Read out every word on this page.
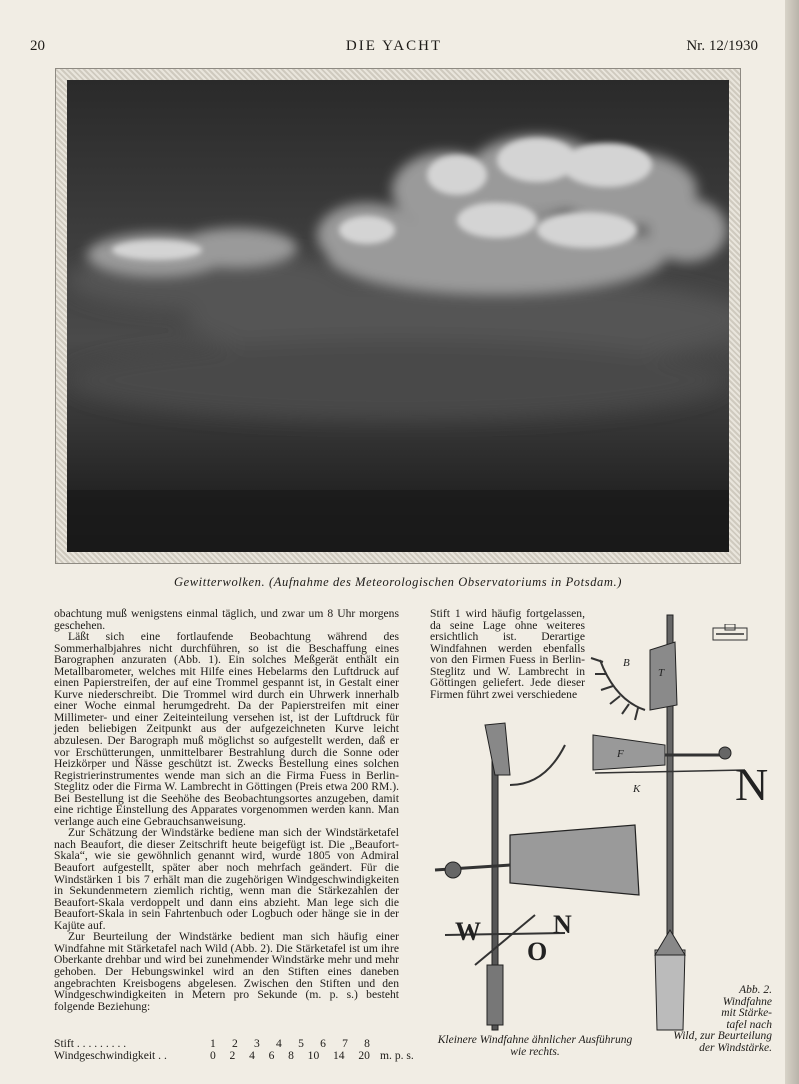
20	DIE YACHT	Nr. 12/1930
Gewitterwolken. (Aufnahme des Meteorologischen Observatoriums in Potsdam.)

obachtung muß wenigstens einmal täglich, und zwar um 8 Uhr morgens geschehen.

Läßt sich eine fortlaufende Beobachtung während des Sommerhalbjahres nicht durchführen, so ist die Beschaffung eines Barographen anzuraten (Abb. 1). Ein solches Meßgerät enthält ein Metallbarometer, welches mit Hilfe eines Hebelarms den Luftdruck auf einen Papierstreifen, der auf eine Trommel gespannt ist, in Gestalt einer Kurve niederschreibt. Die Trommel wird durch ein Uhrwerk innerhalb einer Woche einmal herumgedreht. Da der Papierstreifen mit einer Millimeter- und einer Zeiteinteilung versehen ist, ist der Luftdruck für jeden beliebigen Zeitpunkt aus der aufgezeichneten Kurve leicht abzulesen. Der Barograph muß möglichst so aufgestellt werden, daß er vor Erschütterungen, unmittelbarer Bestrahlung durch die Sonne oder Heizkörper und Nässe geschützt ist. Zwecks Bestellung eines solchen Registrierinstrumentes wende man sich an die Firma Fuess in Berlin-Steglitz oder die Firma W. Lambrecht in Göttingen (Preis etwa 200 RM.). Bei Bestellung ist die Seehöhe des Beobachtungsortes anzugeben, damit eine richtige Einstellung des Apparates vorgenommen werden kann. Man verlange auch eine Gebrauchsanweisung.

Zur Schätzung der Windstärke bediene man sich der Windstärketafel nach Beaufort, die dieser Zeitschrift heute beigefügt ist. Die „Beaufort-Skala“, wie sie gewöhnlich genannt wird, wurde 1805 von Admiral Beaufort aufgestellt, später aber noch mehrfach geändert. Für die Windstärken 1 bis 7 erhält man die zugehörigen Windgeschwindigkeiten in Sekundenmetern ziemlich richtig, wenn man die Stärkezahlen der Beaufort-Skala verdoppelt und dann eins abzieht. Man lege sich die Beaufort-Skala in sein Fahrtenbuch oder Logbuch oder hänge sie in der Kajüte auf.

Zur Beurteilung der Windstärke bedient man sich häufig einer Windfahne mit Stärketafel nach Wild (Abb. 2). Die Stärketafel ist um ihre Oberkante drehbar und wird bei zunehmender Windstärke mehr und mehr gehoben. Der Hebungswinkel wird an den Stiften eines daneben angebrachten Kreisbogens abgelesen. Zwischen den Stiften und den Windgeschwindigkeiten in Metern pro Sekunde (m. p. s.) besteht folgende Beziehung:

Stift . . . . . . . . .	1 2 3 4 5 6 7 8
Windgeschwindigkeit . .	0 2 4 6 8 10 14 20 m. p. s.

Stift 1 wird häufig fortgelassen, da seine Lage ohne weiteres ersichtlich ist. Derartige Windfahnen werden ebenfalls von den Firmen Fuess in Berlin-Steglitz und W. Lambrecht in Göttingen geliefert. Jede dieser Firmen führt zwei verschiedene

W
O
N
B
T
F
K N
Kleinere Windfahne ähnlicher Ausführung wie rechts.
Abb. 2.
Windfahne
mit Stärke-
tafel nach
Wild, zur Beurteilung
der Windstärke.
